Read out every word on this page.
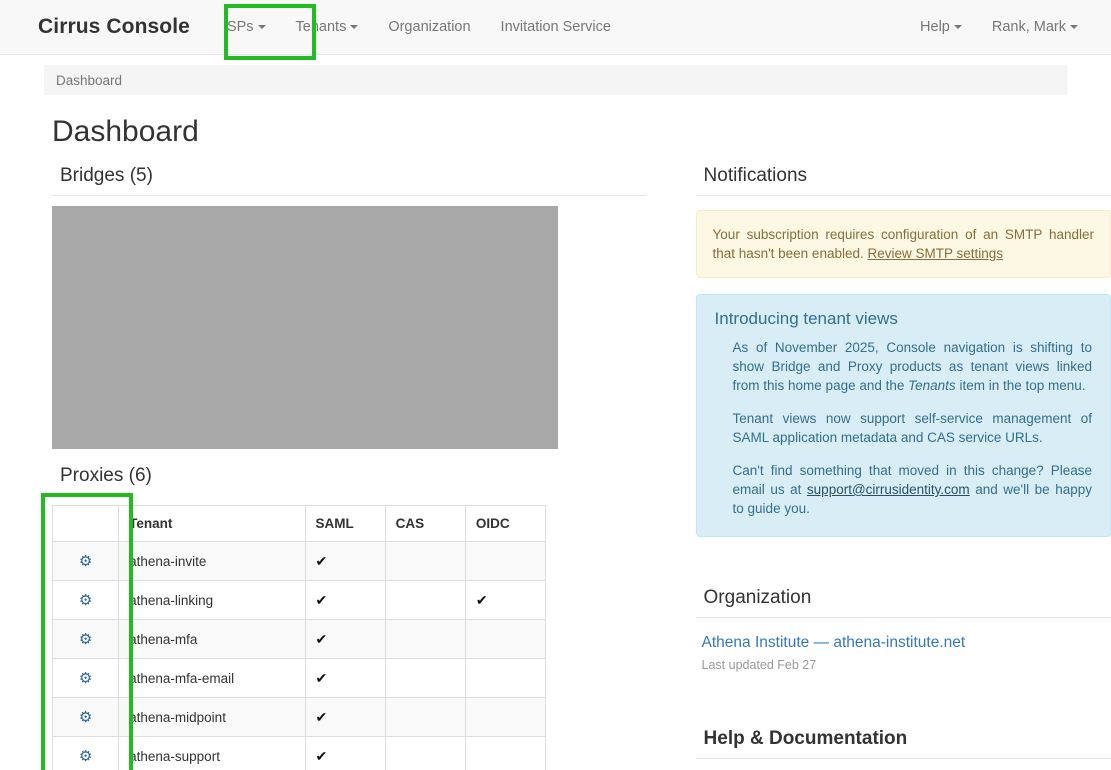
Cirrus Console	SPs	Tenants	Organization	Invitation Service	Help	Rank, Mark
Dashboard
Dashboard
Bridges (5)
Proxies (6)
	Tenant	SAML	CAS	OIDC
⚙	athena-invite	✔		
⚙	athena-linking	✔		✔
⚙	athena-mfa	✔		
⚙	athena-mfa-email	✔		
⚙	athena-midpoint	✔		
⚙	athena-support	✔		
Notifications
Your subscription requires configuration of an SMTP handler that hasn't been enabled. Review SMTP settings
Introducing tenant views

As of November 2025, Console navigation is shifting to show Bridge and Proxy products as tenant views linked from this home page and the Tenants item in the top menu.

Tenant views now support self-service management of SAML application metadata and CAS service URLs.

Can't find something that moved in this change? Please email us at support@cirrusidentity.com and we'll be happy to guide you.

Organization
Athena Institute — athena-institute.net
Last updated Feb 27
Help & Documentation
